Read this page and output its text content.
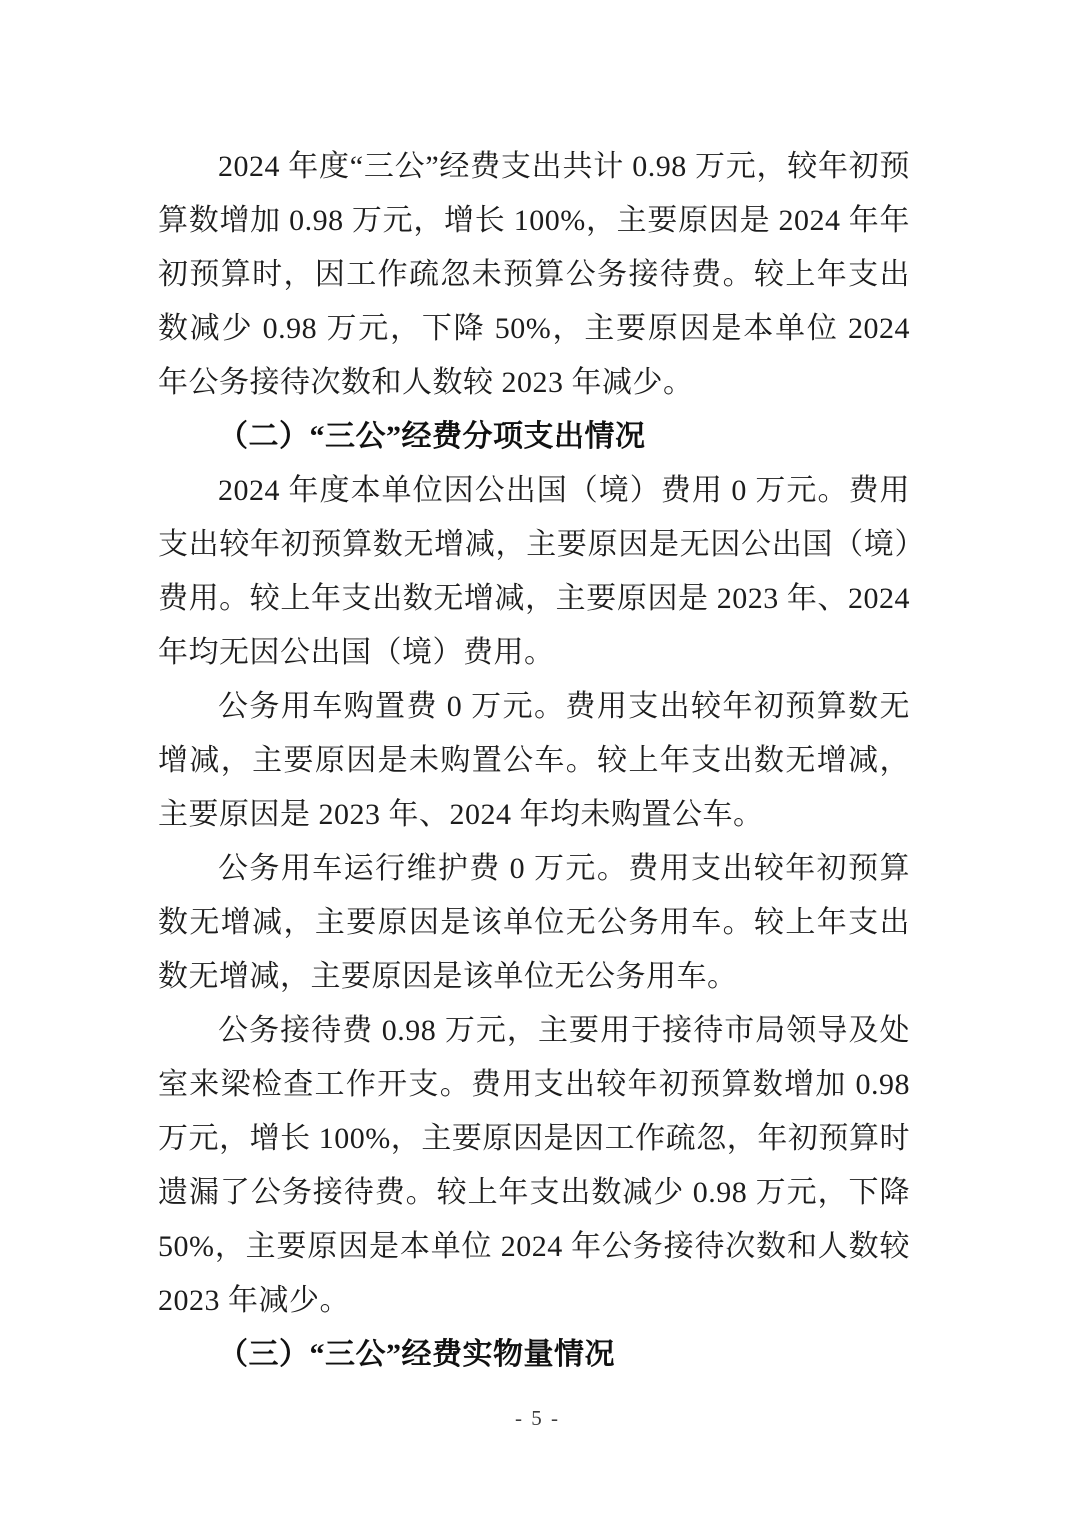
2024 年度“三公”经费支出共计 0.98 万元，较年初预算数增加 0.98 万元，增长 100%，主要原因是 2024 年年初预算时，因工作疏忽未预算公务接待费。较上年支出数减少 0.98 万元，下降 50%，主要原因是本单位 2024 年公务接待次数和人数较 2023 年减少。

（二）“三公”经费分项支出情况

2024 年度本单位因公出国（境）费用 0 万元。费用支出较年初预算数无增减，主要原因是无因公出国（境）费用。较上年支出数无增减，主要原因是 2023 年、2024 年均无因公出国（境）费用。

公务用车购置费 0 万元。费用支出较年初预算数无增减，主要原因是未购置公车。较上年支出数无增减，主要原因是 2023 年、2024 年均未购置公车。

公务用车运行维护费 0 万元。费用支出较年初预算数无增减，主要原因是该单位无公务用车。较上年支出数无增减，主要原因是该单位无公务用车。

公务接待费 0.98 万元，主要用于接待市局领导及处室来梁检查工作开支。费用支出较年初预算数增加 0.98 万元，增长 100%，主要原因是因工作疏忽，年初预算时遗漏了公务接待费。较上年支出数减少 0.98 万元，下降 50%，主要原因是本单位 2024 年公务接待次数和人数较 2023 年减少。

（三）“三公”经费实物量情况
- 5 -
